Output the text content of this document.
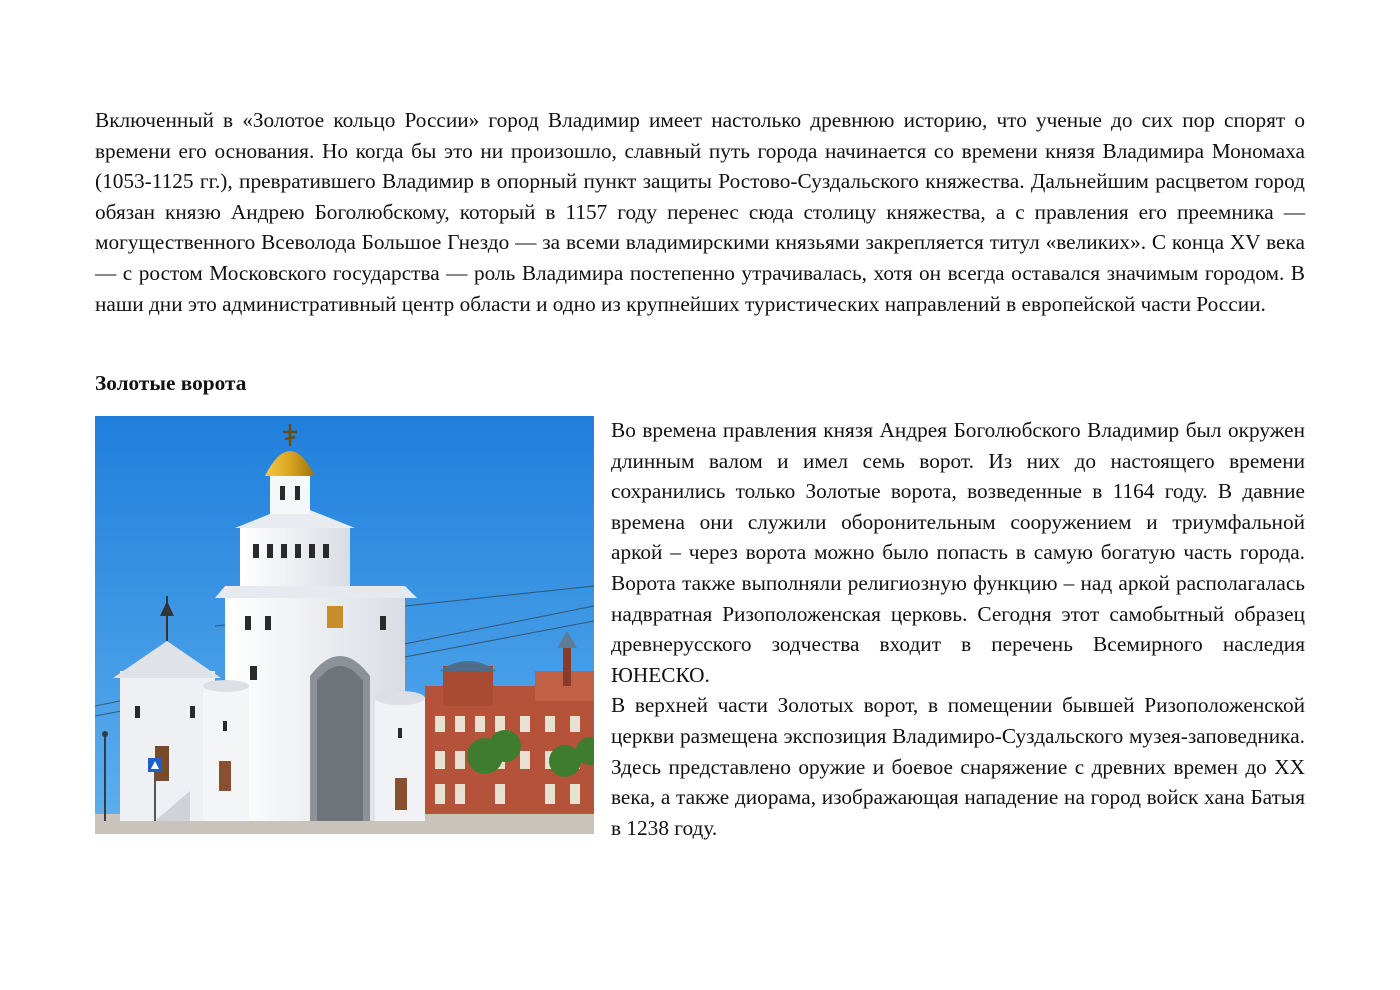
Включенный в «Золотое кольцо России» город Владимир имеет настолько древнюю историю, что ученые до сих пор спорят о времени его основания. Но когда бы это ни произошло, славный путь города начинается со времени князя Владимира Мономаха (1053-1125 гг.), превратившего Владимир в опорный пункт защиты Ростово-Суздальского княжества. Дальнейшим расцветом город обязан князю Андрею Боголюбскому, который в 1157 году перенес сюда столицу княжества, а с правления его преемника — могущественного Всеволода Большое Гнездо — за всеми владимирскими князьями закрепляется титул «великих». С конца XV века — с ростом Московского государства — роль Владимира постепенно утрачивалась, хотя он всегда оставался значимым городом. В наши дни это административный центр области и одно из крупнейших туристических направлений в европейской части России.

Золотые ворота

Во времена правления князя Андрея Боголюбского Владимир был окружен длинным валом и имел семь ворот. Из них до настоящего времени сохранились только Золотые ворота, возведенные в 1164 году. В давние времена они служили оборонительным сооружением и триумфальной аркой – через ворота можно было попасть в самую богатую часть города. Ворота также выполняли религиозную функцию – над аркой располагалась надвратная Ризоположенская церковь. Сегодня этот самобытный образец древнерусского зодчества входит в перечень Всемирного наследия ЮНЕСКО.

В верхней части Золотых ворот, в помещении бывшей Ризоположенской церкви размещена экспозиция Владимиро-Суздальского музея-заповедника. Здесь представлено оружие и боевое снаряжение с древних времен до XX века, а также диорама, изображающая нападение на город войск хана Батыя в 1238 году.
